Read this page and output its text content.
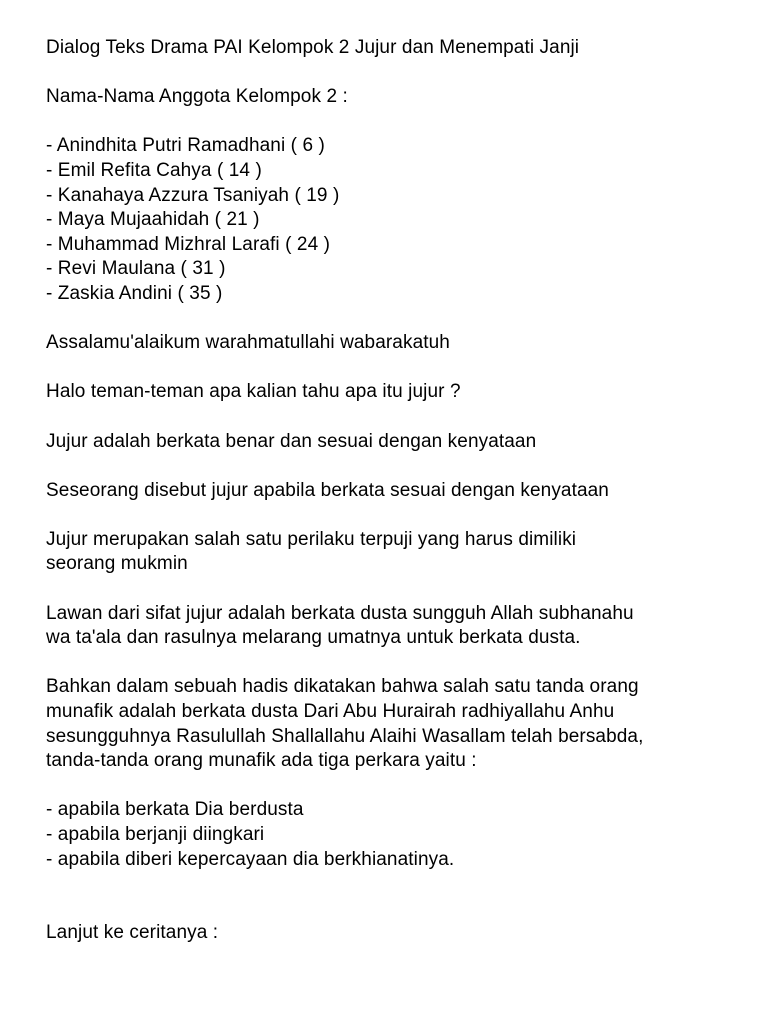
Dialog Teks Drama PAI Kelompok 2 Jujur dan Menempati Janji
Nama-Nama Anggota Kelompok 2 :
- Anindhita Putri Ramadhani ( 6 )
- Emil Refita Cahya ( 14 )
- Kanahaya Azzura Tsaniyah ( 19 )
- Maya Mujaahidah ( 21 )
- Muhammad Mizhral Larafi ( 24 )
- Revi Maulana ( 31 )
- Zaskia Andini ( 35 )
Assalamu'alaikum warahmatullahi wabarakatuh
Halo teman-teman apa kalian tahu apa itu jujur ?
Jujur adalah berkata benar dan sesuai dengan kenyataan
Seseorang disebut jujur apabila berkata sesuai dengan kenyataan
Jujur merupakan salah satu perilaku terpuji yang harus dimiliki
seorang mukmin
Lawan dari sifat jujur adalah berkata dusta sungguh Allah subhanahu
wa ta'ala dan rasulnya melarang umatnya untuk berkata dusta.
Bahkan dalam sebuah hadis dikatakan bahwa salah satu tanda orang
munafik adalah berkata dusta Dari Abu Hurairah radhiyallahu Anhu
sesungguhnya Rasulullah Shallallahu Alaihi Wasallam telah bersabda,
tanda-tanda orang munafik ada tiga perkara yaitu :
- apabila berkata Dia berdusta
- apabila berjanji diingkari
- apabila diberi kepercayaan dia berkhianatinya.
Lanjut ke ceritanya :
